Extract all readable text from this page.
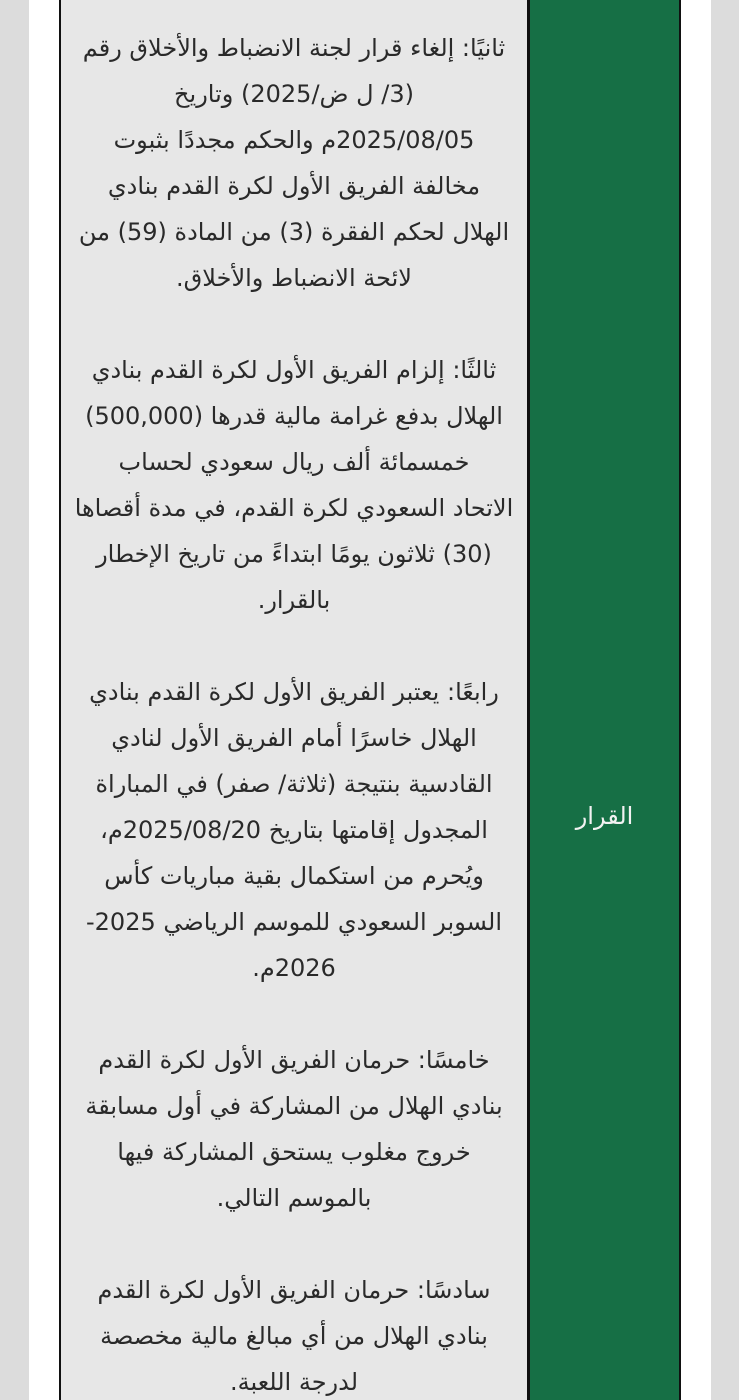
ثانيًا: إلغاء قرار لجنة الانضباط والأخلاق رقم
(3/ ل ض/2025) وتاريخ
2025/08/05م والحكم مجددًا بثبوت
مخالفة الفريق الأول لكرة القدم بنادي
الهلال لحكم الفقرة (3) من المادة (59) من
لائحة الانضباط والأخلاق.
ثالثًا: إلزام الفريق الأول لكرة القدم بنادي
الهلال بدفع غرامة مالية قدرها (500,000)
خمسمائة ألف ريال سعودي لحساب
الاتحاد السعودي لكرة القدم، في مدة أقصاها
(30) ثلاثون يومًا ابتداءً من تاريخ الإخطار
بالقرار.
رابعًا: يعتبر الفريق الأول لكرة القدم بنادي
الهلال خاسرًا أمام الفريق الأول لنادي
القادسية بنتيجة (ثلاثة/ صفر) في المباراة
المجدول إقامتها بتاريخ 2025/08/20م،
ويُحرم من استكمال بقية مباريات كأس
السوبر السعودي للموسم الرياضي 2025-
2026م.
خامسًا: حرمان الفريق الأول لكرة القدم
بنادي الهلال من المشاركة في أول مسابقة
خروج مغلوب يستحق المشاركة فيها
بالموسم التالي.
سادسًا: حرمان الفريق الأول لكرة القدم
بنادي الهلال من أي مبالغ مالية مخصصة
لدرجة اللعبة.
القرار
